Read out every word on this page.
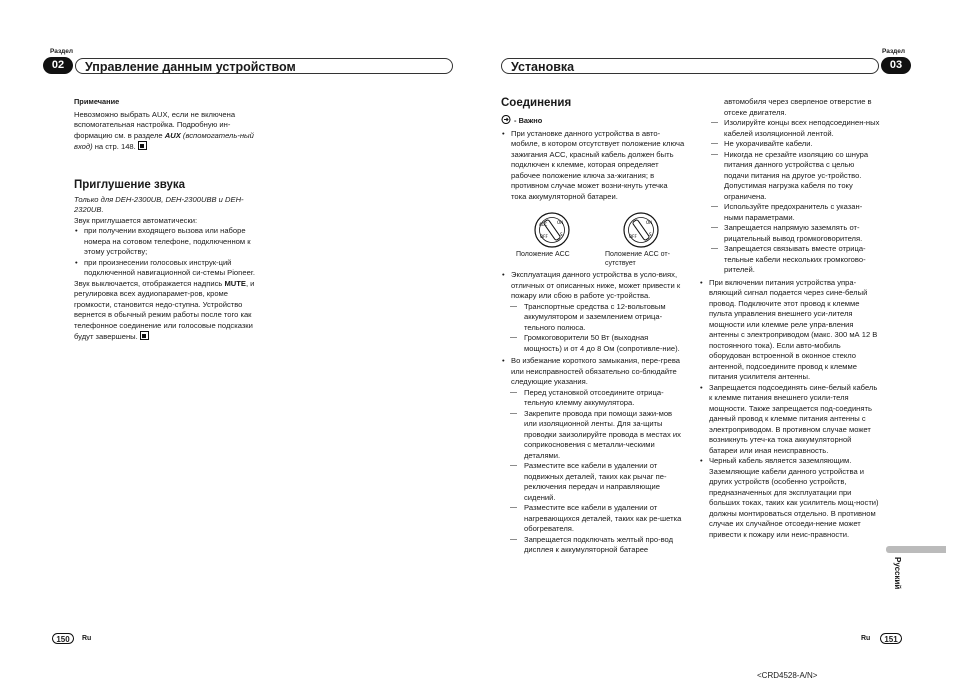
Раздел
02	Управление данным устройством
Примечание

Невозможно выбрать AUX, если не включена вспомогательная настройка. Подробную ин-формацию см. в разделе AUX (вспомогатель-ный вход) на стр. 148.

Приглушение звука

Только для DEH-2300UB, DEH-2300UBB и DEH-2320UB.

Звук приглушается автоматически:

• при получении входящего вызова или наборе номера на сотовом телефоне, подключенном к этому устройству;

• при произнесении голосовых инструк-ций подключенной навигационной си-стемы Pioneer.

Звук выключается, отображается надпись MUTE, и регулировка всех аудиопарамет-ров, кроме громкости, становится недо-ступна. Устройство вернется в обычный режим работы после того как телефонное соединение или голосовые подсказки будут завершены.

150	Ru
Установка
Раздел
03
Соединения
- Важно

• При установке данного устройства в авто-мобиле, в котором отсутствует положение ключа зажигания ACC, красный кабель должен быть подключен к клемме, которая определяет рабочее положение ключа за-жигания; в противном случае может возни-кнуть утечка тока аккумуляторной батареи.

ACC ON
S
OFF
ON
S
OFF
Положение ACC	Положение ACC от-сутствует

• Эксплуатация данного устройства в усло-виях, отличных от описанных ниже, может привести к пожару или сбою в работе ус-тройства.

— Транспортные средства с 12-вольтовым аккумулятором и заземлением отрица-тельного полюса.

— Громкоговорители 50 Вт (выходная мощность) и от 4 до 8 Ом (сопротивле-ние).

• Во избежание короткого замыкания, пере-грева или неисправностей обязательно со-блюдайте следующие указания.

— Перед установкой отсоедините отрица-тельную клемму аккумулятора.

— Закрепите провода при помощи зажи-мов или изоляционной ленты. Для за-щиты проводки заизолируйте провода в местах их соприкосновения с металли-ческими деталями.

— Разместите все кабели в удалении от подвижных деталей, таких как рычаг пе-реключения передач и направляющие сидений.

— Разместите все кабели в удалении от нагревающихся деталей, таких как ре-шетка обогревателя.

— Запрещается подключать желтый про-вод дисплея к аккумуляторной батарее

автомобиля через сверленое отверстие в отсеке двигателя.

— Изолируйте концы всех неподсоединен-ных кабелей изоляционной лентой.

— Не укорачивайте кабели.

— Никогда не срезайте изоляцию со шнура питания данного устройства с целью подачи питания на другое ус-тройство. Допустимая нагрузка кабеля по току ограничена.

— Используйте предохранитель с указан-ными параметрами.

— Запрещается напрямую заземлять от-рицательный вывод громкоговорителя.

— Запрещается связывать вместе отрица-тельные кабели нескольких громкогово-рителей.

• При включении питания устройства упра-вляющий сигнал подается через сине-белый провод. Подключите этот провод к клемме пульта управления внешнего уси-лителя мощности или клемме реле упра-вления антенны с электроприводом (макс. 300 мА 12 В постоянного тока). Если авто-мобиль оборудован встроенной в оконное стекло антенной, подсоедините провод к клемме питания усилителя антенны.

• Запрещается подсоединять сине-белый кабель к клемме питания внешнего усили-теля мощности. Также запрещается под-соединять данный провод к клемме питания антенны с электроприводом. В противном случае может возникнуть утеч-ка тока аккумуляторной батареи или иная неисправность.

• Черный кабель является заземляющим. Заземляющие кабели данного устройства и других устройств (особенно устройств, предназначенных для эксплуатации при больших токах, таких как усилитель мощ-ности) должны монтироваться отдельно. В противном случае их случайное отсоеди-нение может привести к пожару или неис-правности.

Русский
Ru	151
<CRD4528-A/N>
